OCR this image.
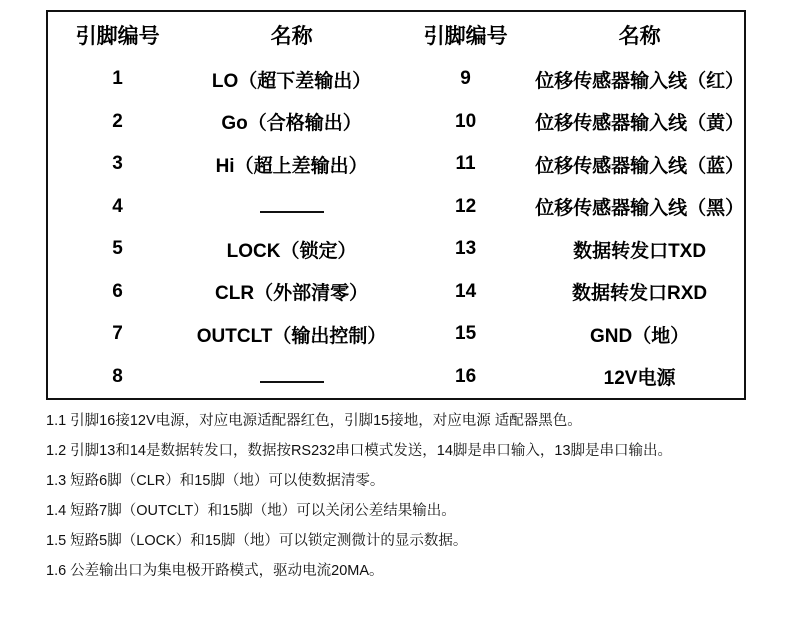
引脚编号	名称	引脚编号	名称
1	LO（超下差输出）	9	位移传感器输入线（红）
2	Go（合格输出）	10	位移传感器输入线（黄）
3	Hi（超上差输出）	11	位移传感器输入线（蓝）
4		12	位移传感器输入线（黑）
5	LOCK（锁定）	13	数据转发口TXD
6	CLR（外部清零）	14	数据转发口RXD
7	OUTCLT（输出控制）	15	GND（地）
8		16	12V电源
1.1 引脚16接12V电源，对应电源适配器红色，引脚15接地，对应电源 适配器黑色。
1.2 引脚13和14是数据转发口，数据按RS232串口模式发送，14脚是串口输入，13脚是串口输出。
1.3 短路6脚（CLR）和15脚（地）可以使数据清零。
1.4 短路7脚（OUTCLT）和15脚（地）可以关闭公差结果输出。
1.5 短路5脚（LOCK）和15脚（地）可以锁定测微计的显示数据。
1.6 公差输出口为集电极开路模式，驱动电流20MA。
